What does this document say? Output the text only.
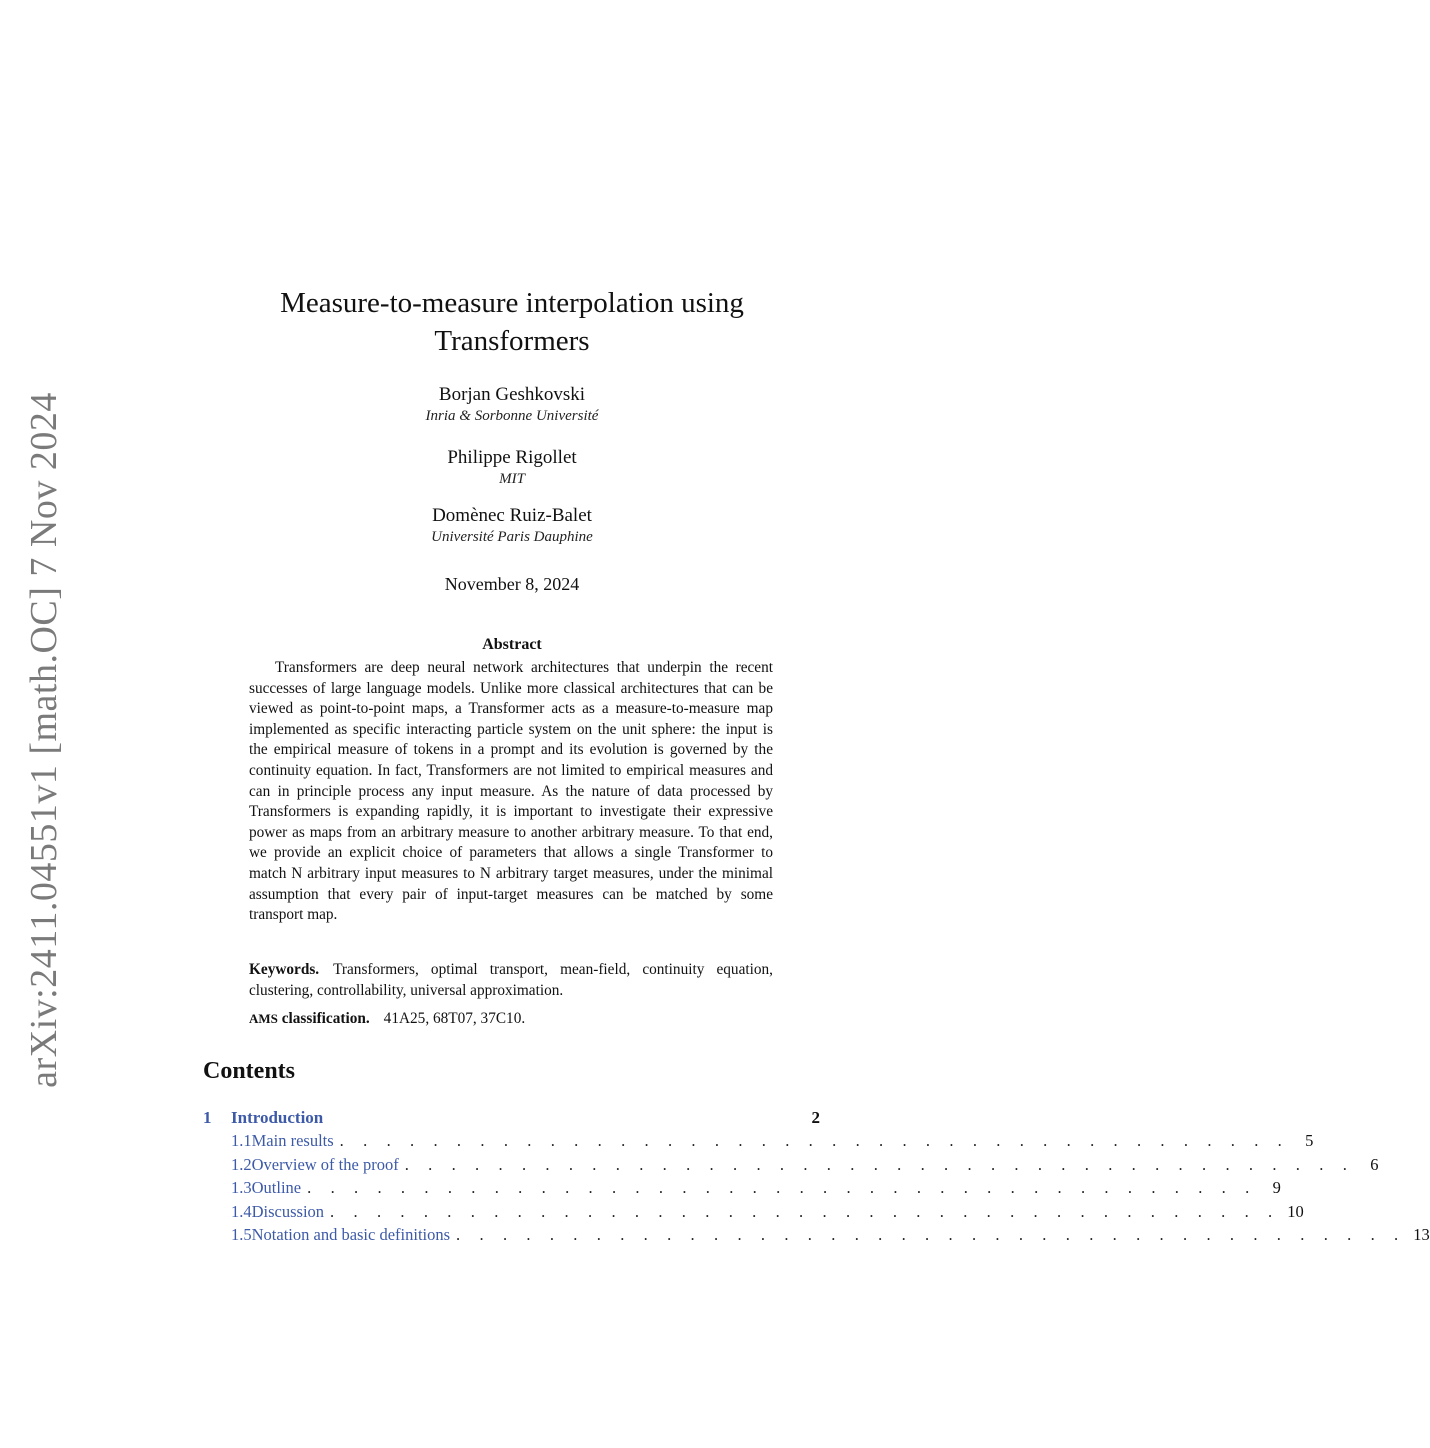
arXiv:2411.04551v1 [math.OC] 7 Nov 2024
Measure-to-measure interpolation using
Transformers
Borjan Geshkovski
Inria & Sorbonne Université
Philippe Rigollet
MIT
Domènec Ruiz-Balet
Université Paris Dauphine
November 8, 2024
Abstract

Transformers are deep neural network architectures that underpin the recent successes of large language models. Unlike more classical architectures that can be viewed as point-to-point maps, a Transformer acts as a measure-to-measure map implemented as specific interacting particle system on the unit sphere: the input is the empirical measure of tokens in a prompt and its evolution is governed by the continuity equation. In fact, Transformers are not limited to empirical measures and can in principle process any input measure. As the nature of data processed by Transformers is expanding rapidly, it is important to investigate their expressive power as maps from an arbitrary measure to another arbitrary measure. To that end, we provide an explicit choice of parameters that allows a single Transformer to match N arbitrary input measures to N arbitrary target measures, under the minimal assumption that every pair of input-target measures can be matched by some transport map.

Keywords. Transformers, optimal transport, mean-field, continuity equation, clustering, controllability, universal approximation.

AMS classification. 41A25, 68T07, 37C10.

Contents
1	Introduction	2
1.1 Main results . . . . . . . . . . . . . . . . . . . . . . . . . . . . . . . . . . . . . . . . . 5
1.2 Overview of the proof . . . . . . . . . . . . . . . . . . . . . . . . . . . . . . . . . . . . . . . . . 6
1.3 Outline . . . . . . . . . . . . . . . . . . . . . . . . . . . . . . . . . . . . . . . . . 9
1.4 Discussion . . . . . . . . . . . . . . . . . . . . . . . . . . . . . . . . . . . . . . . . . 10
1.5 Notation and basic definitions . . . . . . . . . . . . . . . . . . . . . . . . . . . . . . . . . . . . . . . . . 13
